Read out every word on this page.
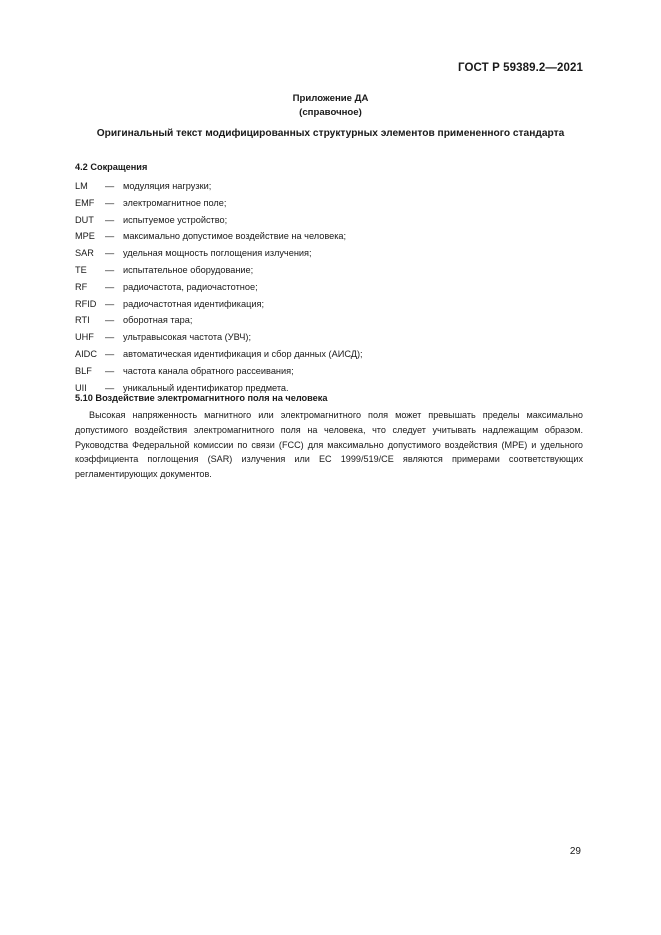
ГОСТ Р 59389.2—2021
Приложение ДА
(справочное)
Оригинальный текст модифицированных структурных элементов примененного стандарта
4.2 Сокращения
LM	— модуляция нагрузки;
EMF	— электромагнитное поле;
DUT	— испытуемое устройство;
MPE	— максимально допустимое воздействие на человека;
SAR	— удельная мощность поглощения излучения;
TE	— испытательное оборудование;
RF	— радиочастота, радиочастотное;
RFID — радиочастотная идентификация;
RTI	— оборотная тара;
UHF	— ультравысокая частота (УВЧ);
AIDC — автоматическая идентификация и сбор данных (АИСД);
BLF	— частота канала обратного рассеивания;
UII	— уникальный идентификатор предмета.
5.10 Воздействие электромагнитного поля на человека

Высокая напряженность магнитного или электромагнитного поля может превышать пределы максимально допустимого воздействия электромагнитного поля на человека, что следует учитывать надлежащим образом. Руководства Федеральной комиссии по связи (FCC) для максимально допустимого воздействия (MPE) и удельного коэффициента поглощения (SAR) излучения или EC 1999/519/CE являются примерами соответствующих регламентирующих документов.

29
